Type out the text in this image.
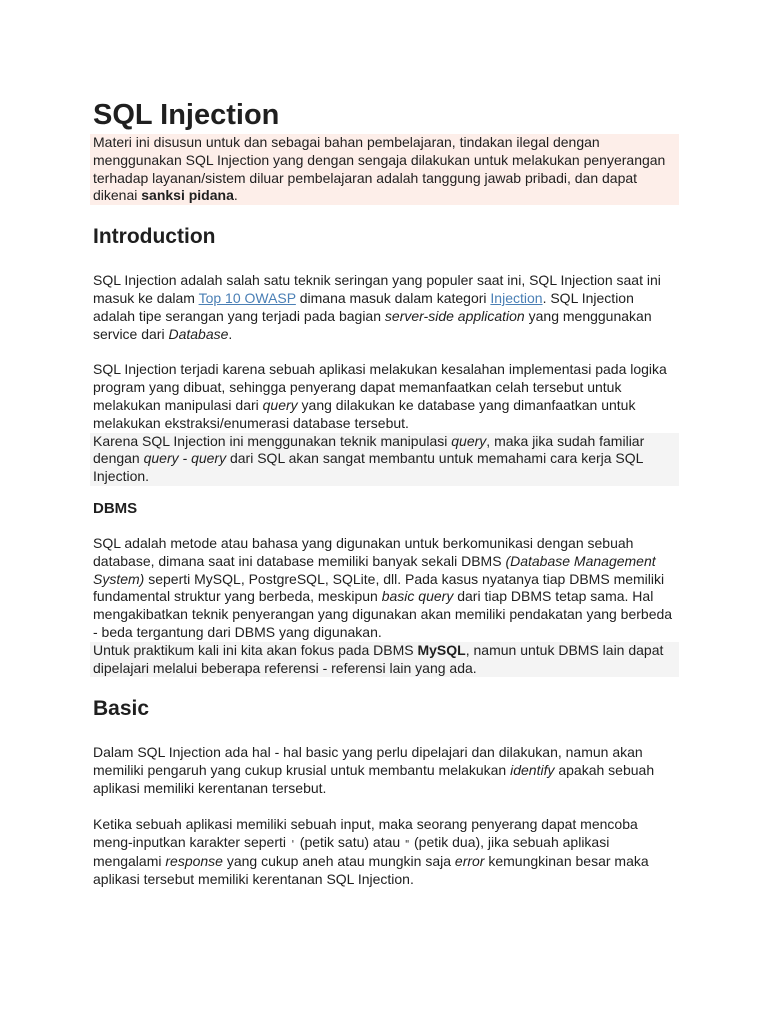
SQL Injection

Materi ini disusun untuk dan sebagai bahan pembelajaran, tindakan ilegal dengan menggunakan SQL Injection yang dengan sengaja dilakukan untuk melakukan penyerangan terhadap layanan/sistem diluar pembelajaran adalah tanggung jawab pribadi, dan dapat dikenai sanksi pidana.

Introduction

SQL Injection adalah salah satu teknik seringan yang populer saat ini, SQL Injection saat ini masuk ke dalam Top 10 OWASP dimana masuk dalam kategori Injection. SQL Injection adalah tipe serangan yang terjadi pada bagian server-side application yang menggunakan service dari Database.

SQL Injection terjadi karena sebuah aplikasi melakukan kesalahan implementasi pada logika program yang dibuat, sehingga penyerang dapat memanfaatkan celah tersebut untuk melakukan manipulasi dari query yang dilakukan ke database yang dimanfaatkan untuk melakukan ekstraksi/enumerasi database tersebut.

Karena SQL Injection ini menggunakan teknik manipulasi query, maka jika sudah familiar dengan query - query dari SQL akan sangat membantu untuk memahami cara kerja SQL Injection.

DBMS

SQL adalah metode atau bahasa yang digunakan untuk berkomunikasi dengan sebuah database, dimana saat ini database memiliki banyak sekali DBMS (Database Management System) seperti MySQL, PostgreSQL, SQLite, dll. Pada kasus nyatanya tiap DBMS memiliki fundamental struktur yang berbeda, meskipun basic query dari tiap DBMS tetap sama. Hal mengakibatkan teknik penyerangan yang digunakan akan memiliki pendakatan yang berbeda - beda tergantung dari DBMS yang digunakan.

Untuk praktikum kali ini kita akan fokus pada DBMS MySQL, namun untuk DBMS lain dapat dipelajari melalui beberapa referensi - referensi lain yang ada.

Basic

Dalam SQL Injection ada hal - hal basic yang perlu dipelajari dan dilakukan, namun akan memiliki pengaruh yang cukup krusial untuk membantu melakukan identify apakah sebuah aplikasi memiliki kerentanan tersebut.

Ketika sebuah aplikasi memiliki sebuah input, maka seorang penyerang dapat mencoba meng-inputkan karakter seperti ' (petik satu) atau " (petik dua), jika sebuah aplikasi mengalami response yang cukup aneh atau mungkin saja error kemungkinan besar maka aplikasi tersebut memiliki kerentanan SQL Injection.
